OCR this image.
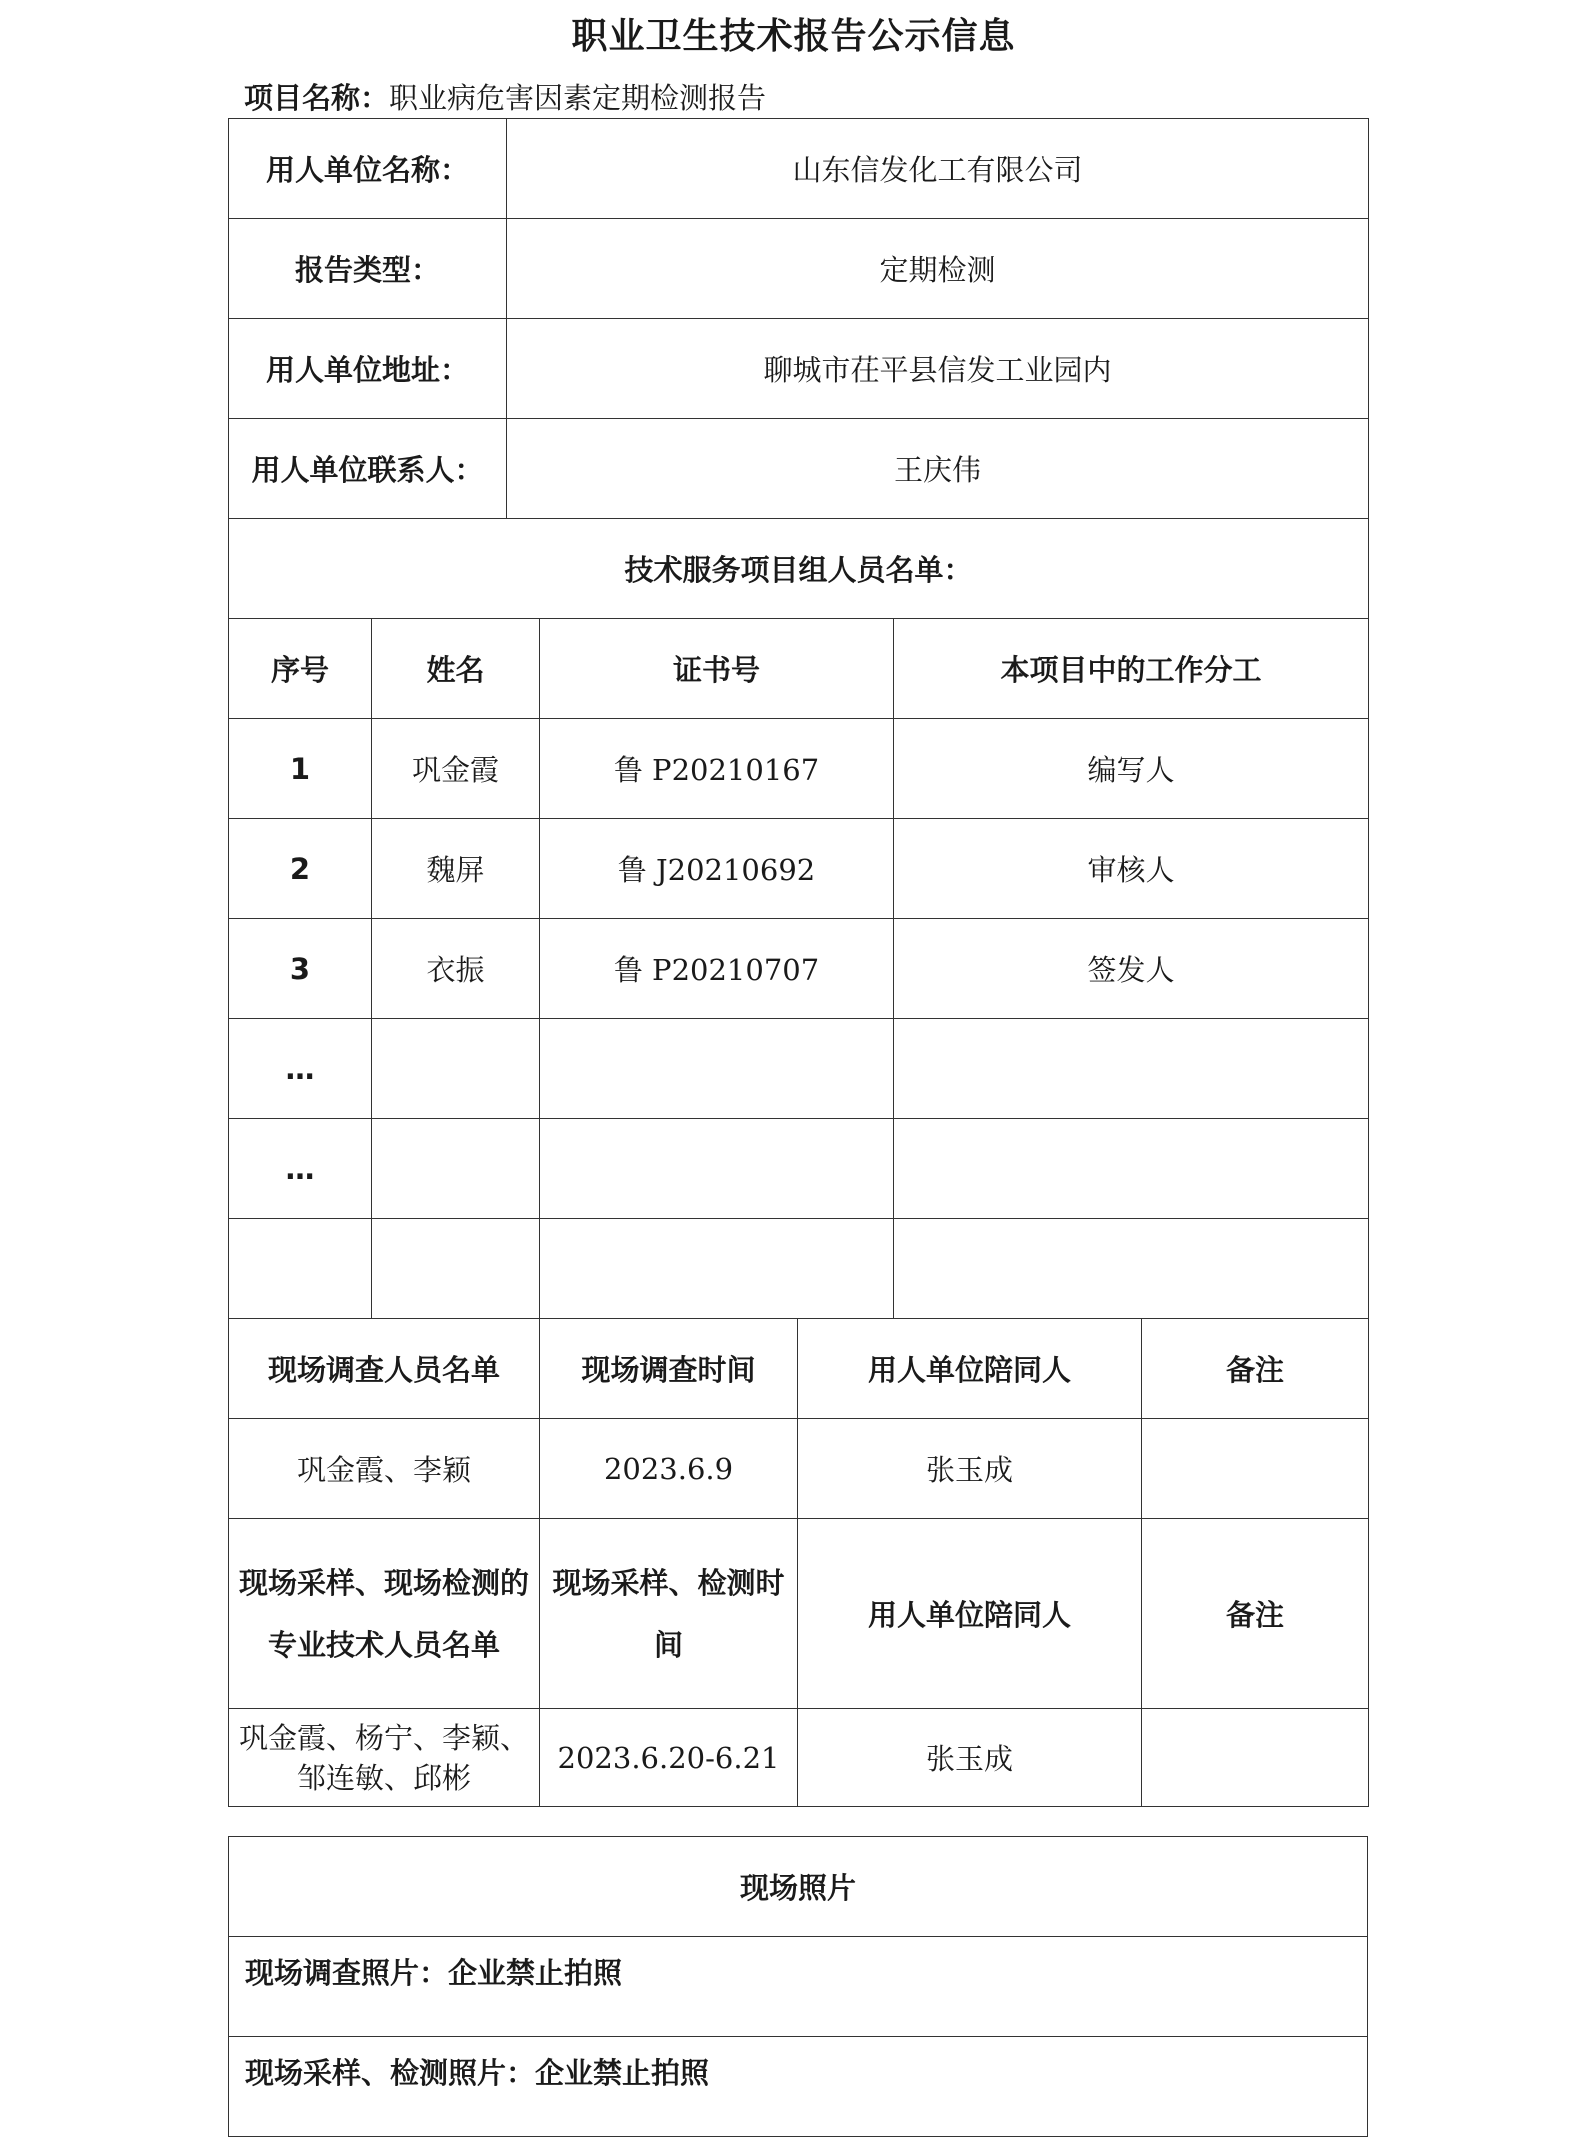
职业卫生技术报告公示信息
项目名称：职业病危害因素定期检测报告
用人单位名称：		山东信发化工有限公司				
报告类型：		定期检测				
用人单位地址：		聊城市茌平县信发工业园内				
用人单位联系人：		王庆伟				
技术服务项目组人员名单：						
序号	姓名		证书号		本项目中的工作分工	
1	巩金霞		鲁 P20210167		编写人	
2	魏屏		鲁 J20210692		审核人	
3	衣振		鲁 P20210707		签发人	
…						
…						

现场调查人员名单			现场调查时间	用人单位陪同人		备注
巩金霞、李颖			2023.6.9	张玉成		
现场采样、现场检测的专业技术人员名单			现场采样、检测时间	用人单位陪同人		备注
巩金霞、杨宁、李颖、邹连敏、邱彬			2023.6.20-6.21	张玉成		
现场照片
现场调查照片：企业禁止拍照
现场采样、检测照片：企业禁止拍照
